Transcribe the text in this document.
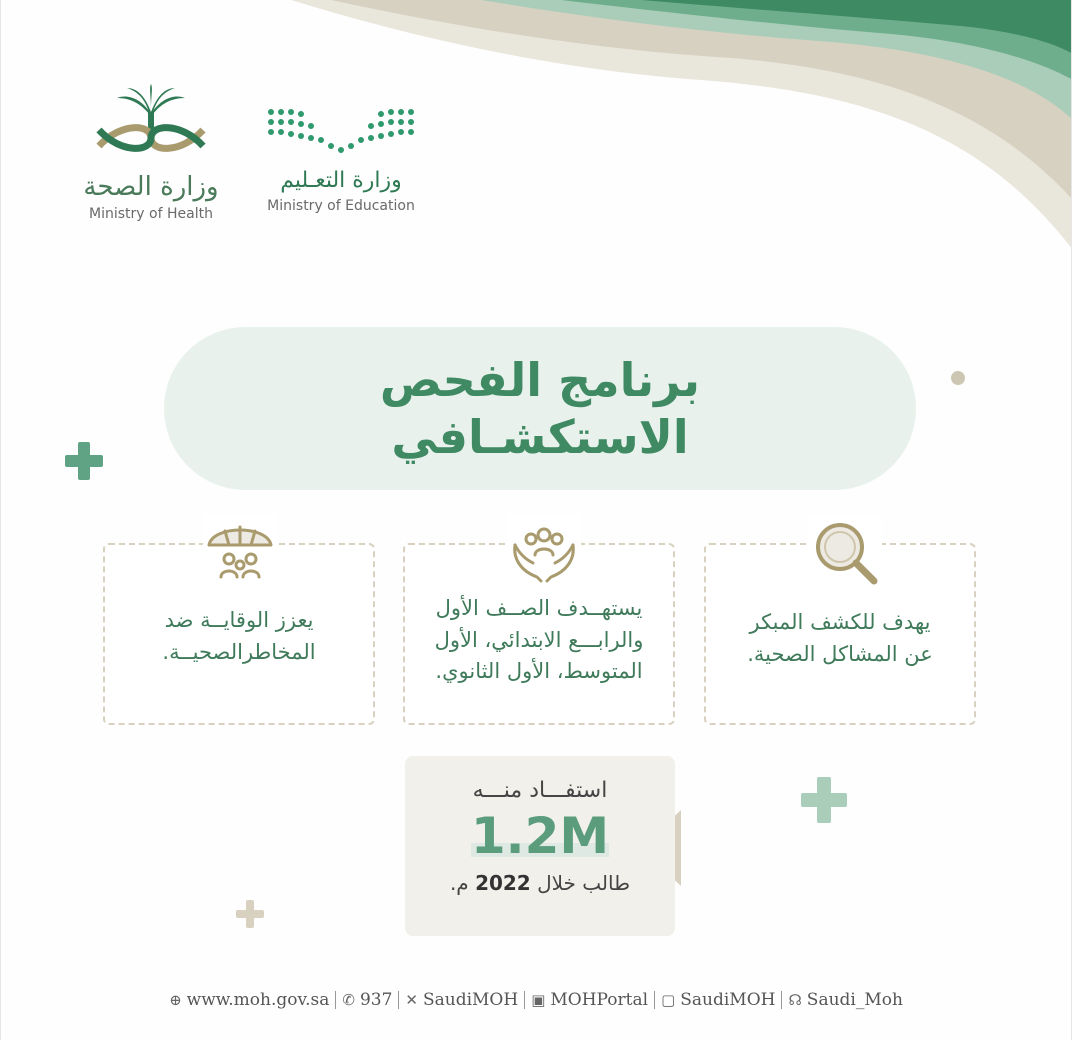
وزارة الصحة
Ministry of Health
وزارة التعـليم
Ministry of Education
برنامج الفحص
الاستكشـافي
يهدف للكشف المبكر
عن المشاكل الصحية.
يستهــدف الصــف الأول
والرابـــع الابتدائي، الأول
المتوسط، الأول الثانوي.
يعزز الوقايــة ضد
المخاطرالصحيــة.
استفـــاد منـــه
1.2M
طالب خلال 2022 م.
⊕ www.moh.gov.sa ✆ 937 ✕ SaudiMOH ▣ MOHPortal ▢ SaudiMOH ☊ Saudi_Moh
